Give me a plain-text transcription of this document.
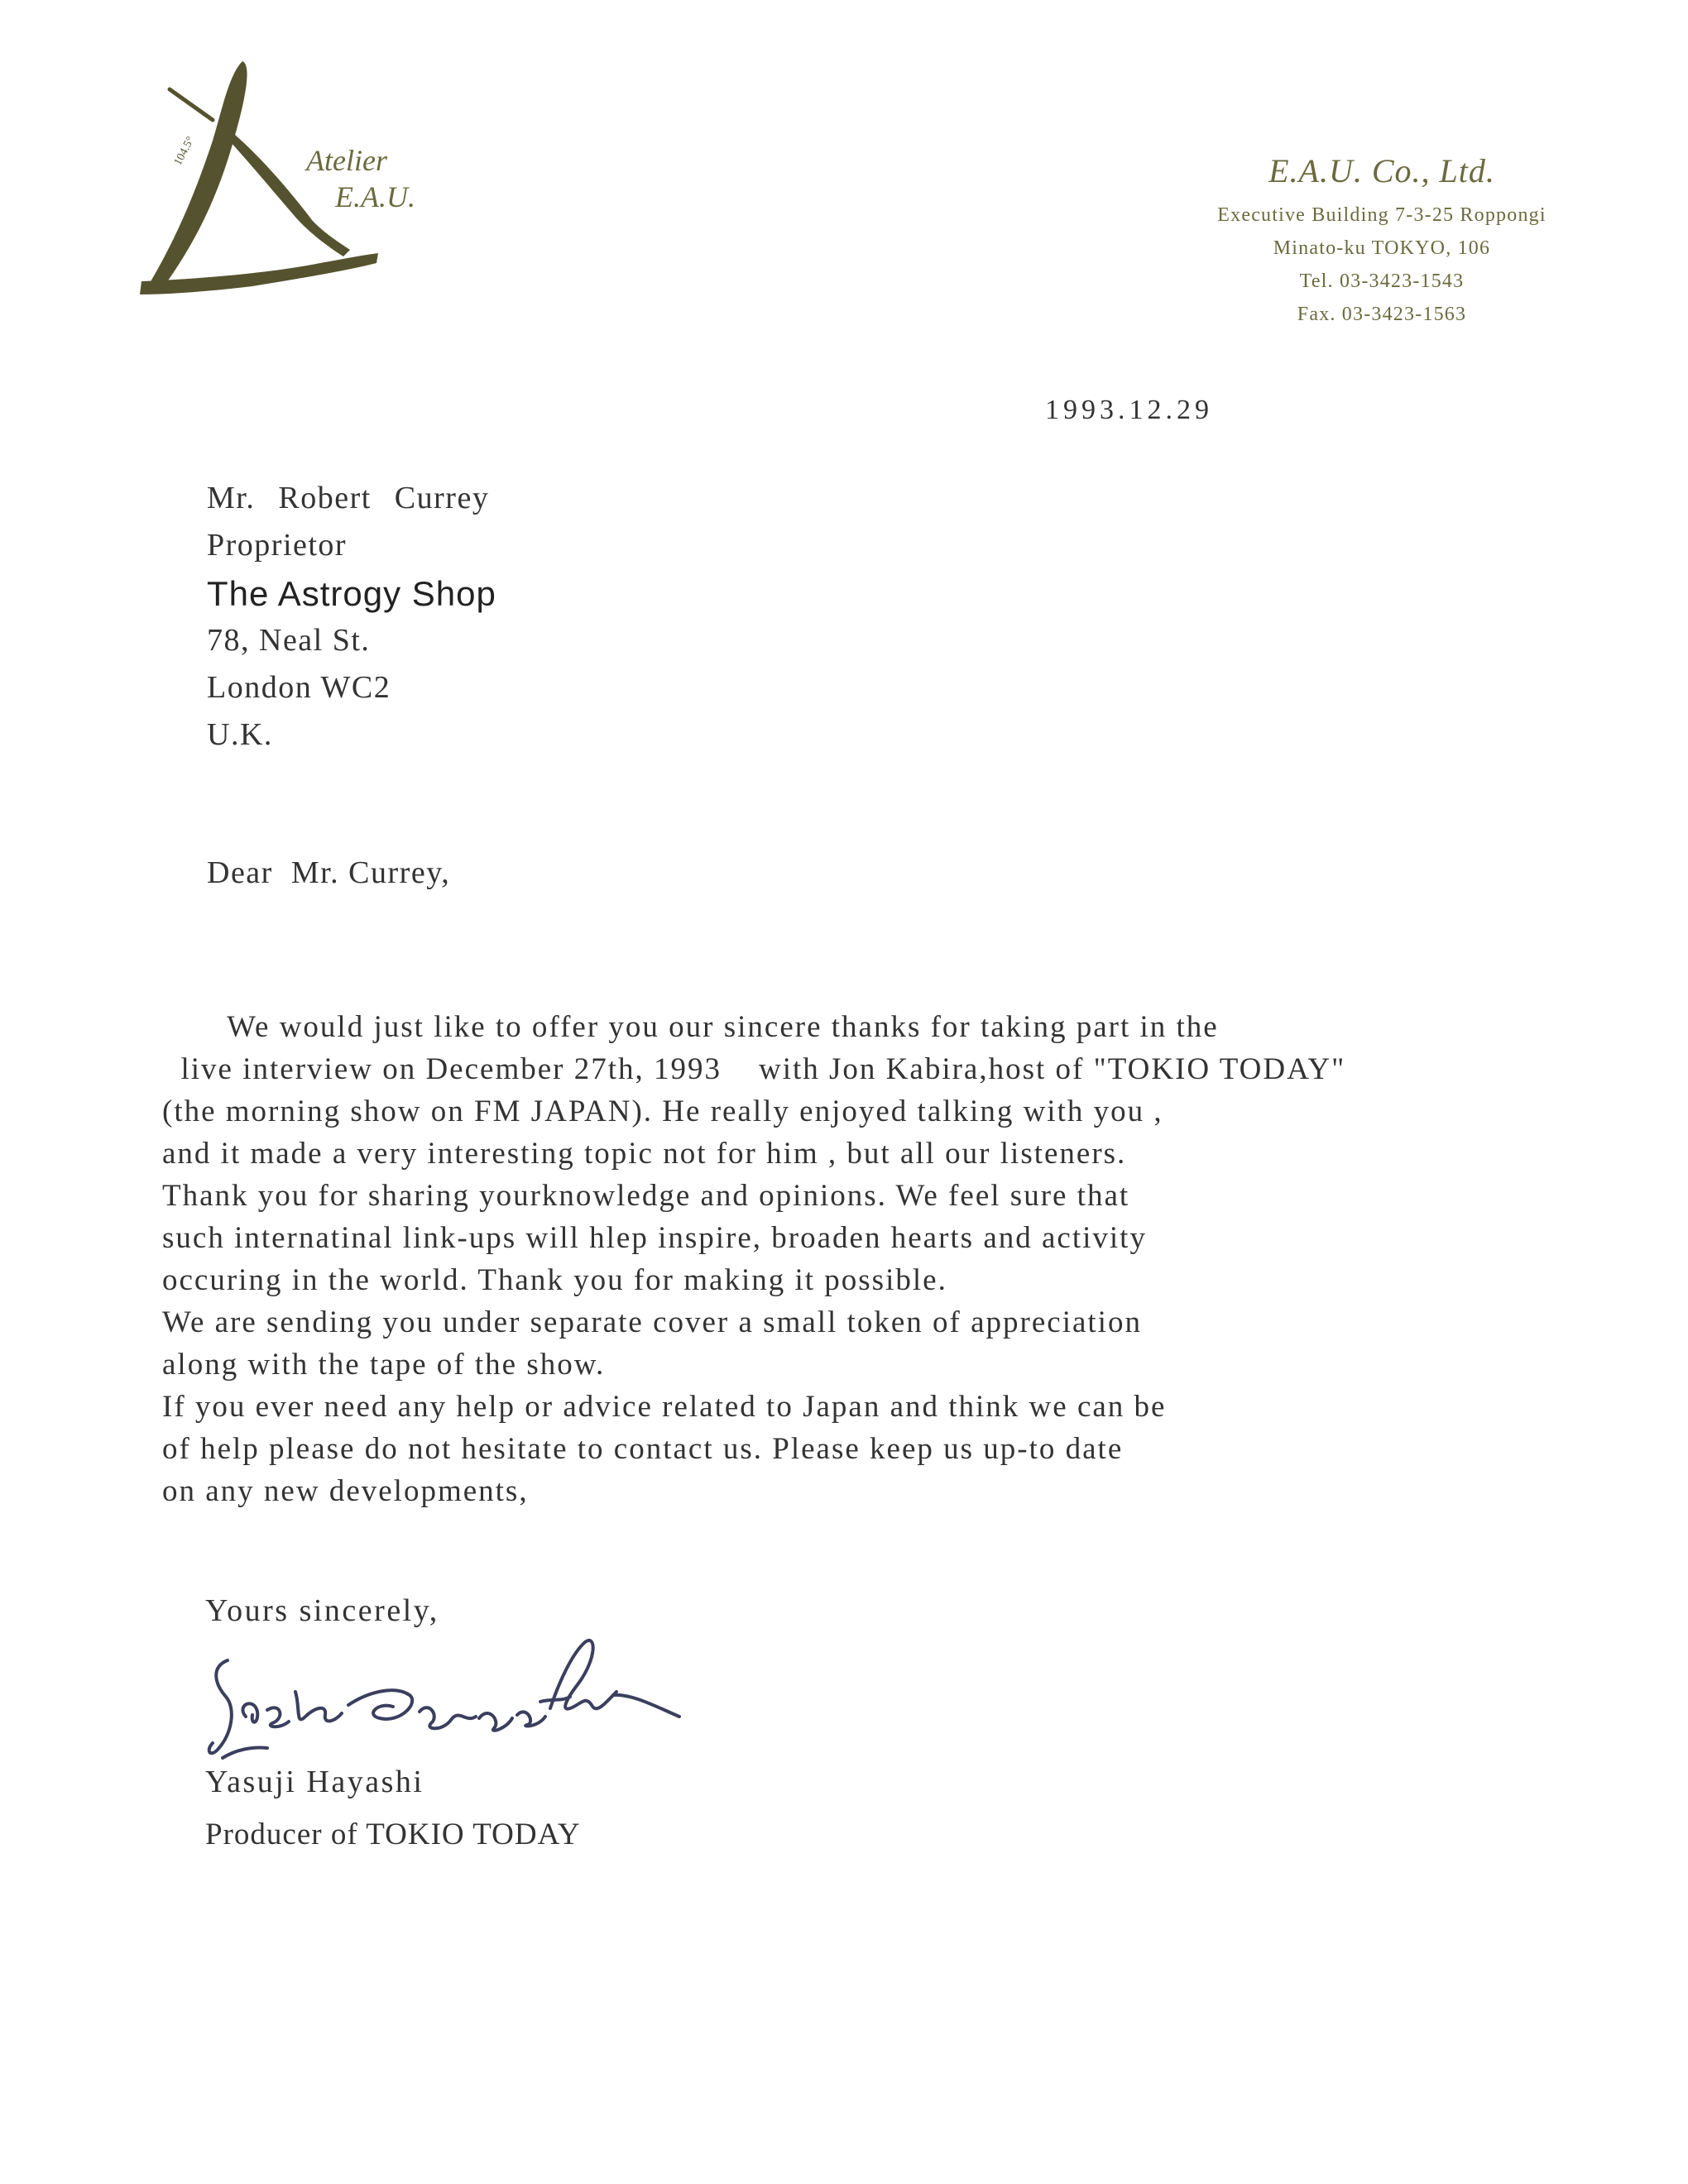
104.5°	Atelier
E.A.U.
E.A.U. Co., Ltd.
Executive Building 7-3-25 Roppongi
Minato-ku TOKYO, 106
Tel. 03-3423-1543
Fax. 03-3423-1563
1993.12.29
Mr. Robert Currey
Proprietor
The Astrogy Shop
78, Neal St.
London WC2
U.K.
Dear  Mr. Currey,
We would just like to offer you our sincere thanks for taking part in the
live interview on December 27th, 1993    with Jon Kabira,host of "TOKIO TODAY"
(the morning show on FM JAPAN). He really enjoyed talking with you ,
and it made a very interesting topic not for him , but all our listeners.
Thank you for sharing yourknowledge and opinions. We feel sure that
such internatinal link-ups will hlep inspire, broaden hearts and activity
occuring in the world. Thank you for making it possible.
We are sending you under separate cover a small token of appreciation
along with the tape of the show.
If you ever need any help or advice related to Japan and think we can be
of help please do not hesitate to contact us. Please keep us up-to date
on any new developments,
Yours sincerely,
Yasuji Hayashi
Producer of TOKIO TODAY
